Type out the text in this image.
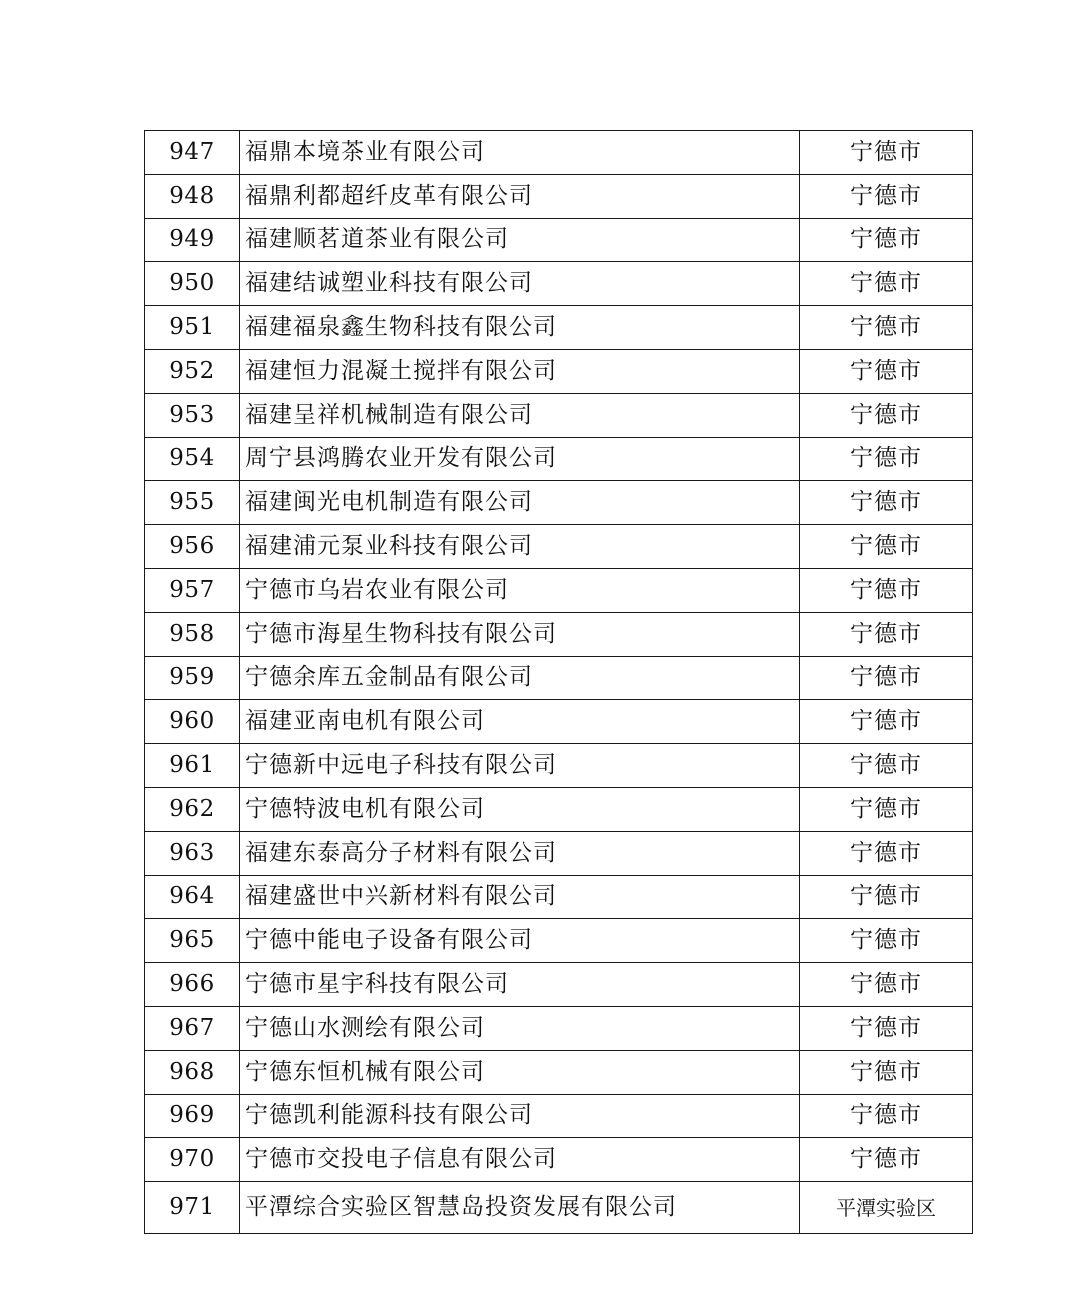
947	福鼎本境茶业有限公司	宁德市
948	福鼎利都超纤皮革有限公司	宁德市
949	福建顺茗道茶业有限公司	宁德市
950	福建结诚塑业科技有限公司	宁德市
951	福建福泉鑫生物科技有限公司	宁德市
952	福建恒力混凝土搅拌有限公司	宁德市
953	福建呈祥机械制造有限公司	宁德市
954	周宁县鸿腾农业开发有限公司	宁德市
955	福建闽光电机制造有限公司	宁德市
956	福建浦元泵业科技有限公司	宁德市
957	宁德市乌岩农业有限公司	宁德市
958	宁德市海星生物科技有限公司	宁德市
959	宁德余库五金制品有限公司	宁德市
960	福建亚南电机有限公司	宁德市
961	宁德新中远电子科技有限公司	宁德市
962	宁德特波电机有限公司	宁德市
963	福建东泰高分子材料有限公司	宁德市
964	福建盛世中兴新材料有限公司	宁德市
965	宁德中能电子设备有限公司	宁德市
966	宁德市星宇科技有限公司	宁德市
967	宁德山水测绘有限公司	宁德市
968	宁德东恒机械有限公司	宁德市
969	宁德凯利能源科技有限公司	宁德市
970	宁德市交投电子信息有限公司	宁德市
971	平潭综合实验区智慧岛投资发展有限公司	平潭实验区
